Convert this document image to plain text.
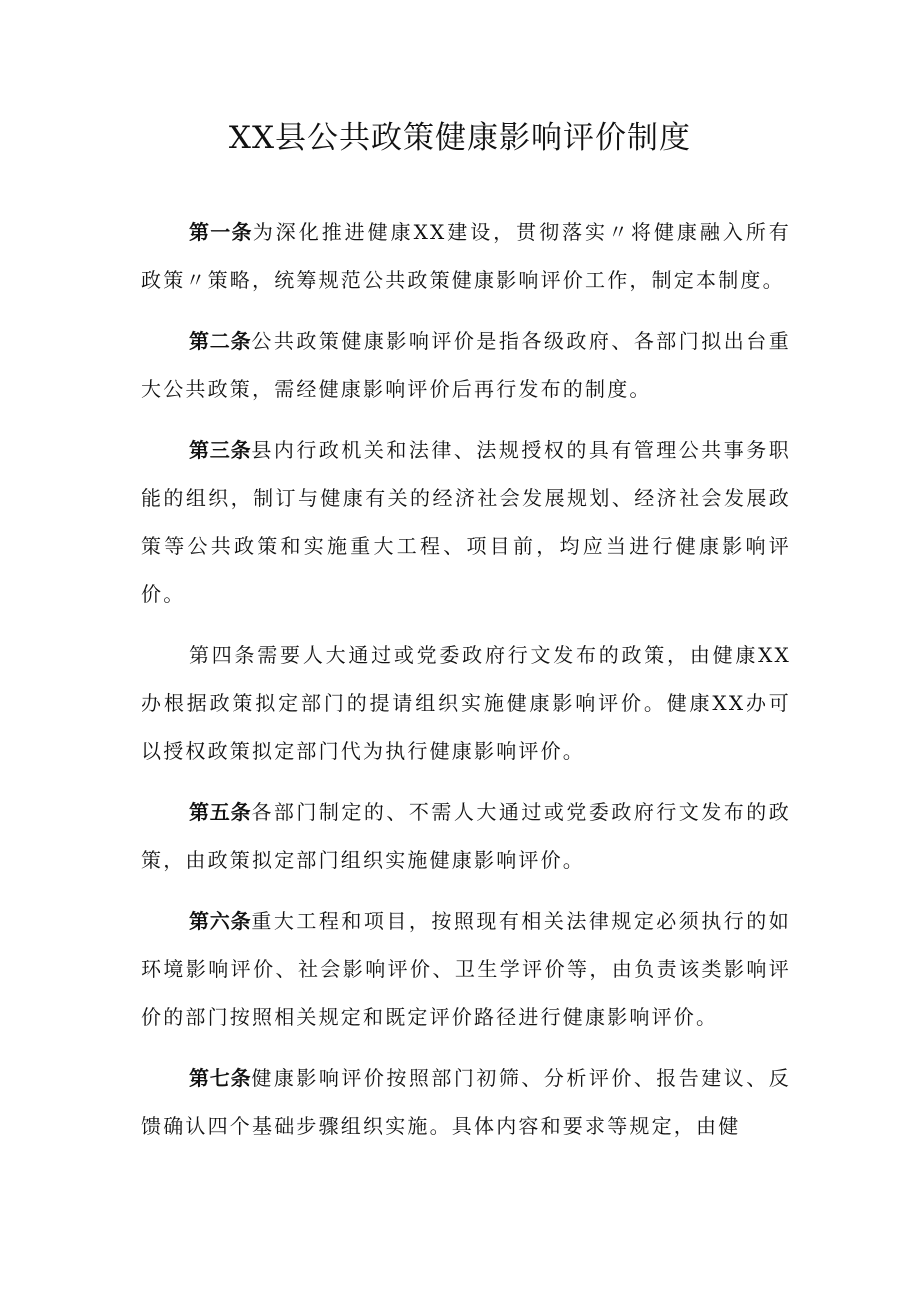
XX县公共政策健康影响评价制度

第一条为深化推进健康XX建设，贯彻落实〃将健康融入所有政策〃策略，统筹规范公共政策健康影响评价工作，制定本制度。

第二条公共政策健康影响评价是指各级政府、各部门拟出台重大公共政策，需经健康影响评价后再行发布的制度。

第三条县内行政机关和法律、法规授权的具有管理公共事务职能的组织，制订与健康有关的经济社会发展规划、经济社会发展政策等公共政策和实施重大工程、项目前，均应当进行健康影响评价。

第四条需要人大通过或党委政府行文发布的政策，由健康XX办根据政策拟定部门的提请组织实施健康影响评价。健康XX办可以授权政策拟定部门代为执行健康影响评价。

第五条各部门制定的、不需人大通过或党委政府行文发布的政策，由政策拟定部门组织实施健康影响评价。

第六条重大工程和项目，按照现有相关法律规定必须执行的如环境影响评价、社会影响评价、卫生学评价等，由负责该类影响评价的部门按照相关规定和既定评价路径进行健康影响评价。

第七条健康影响评价按照部门初筛、分析评价、报告建议、反馈确认四个基础步骤组织实施。具体内容和要求等规定，由健
